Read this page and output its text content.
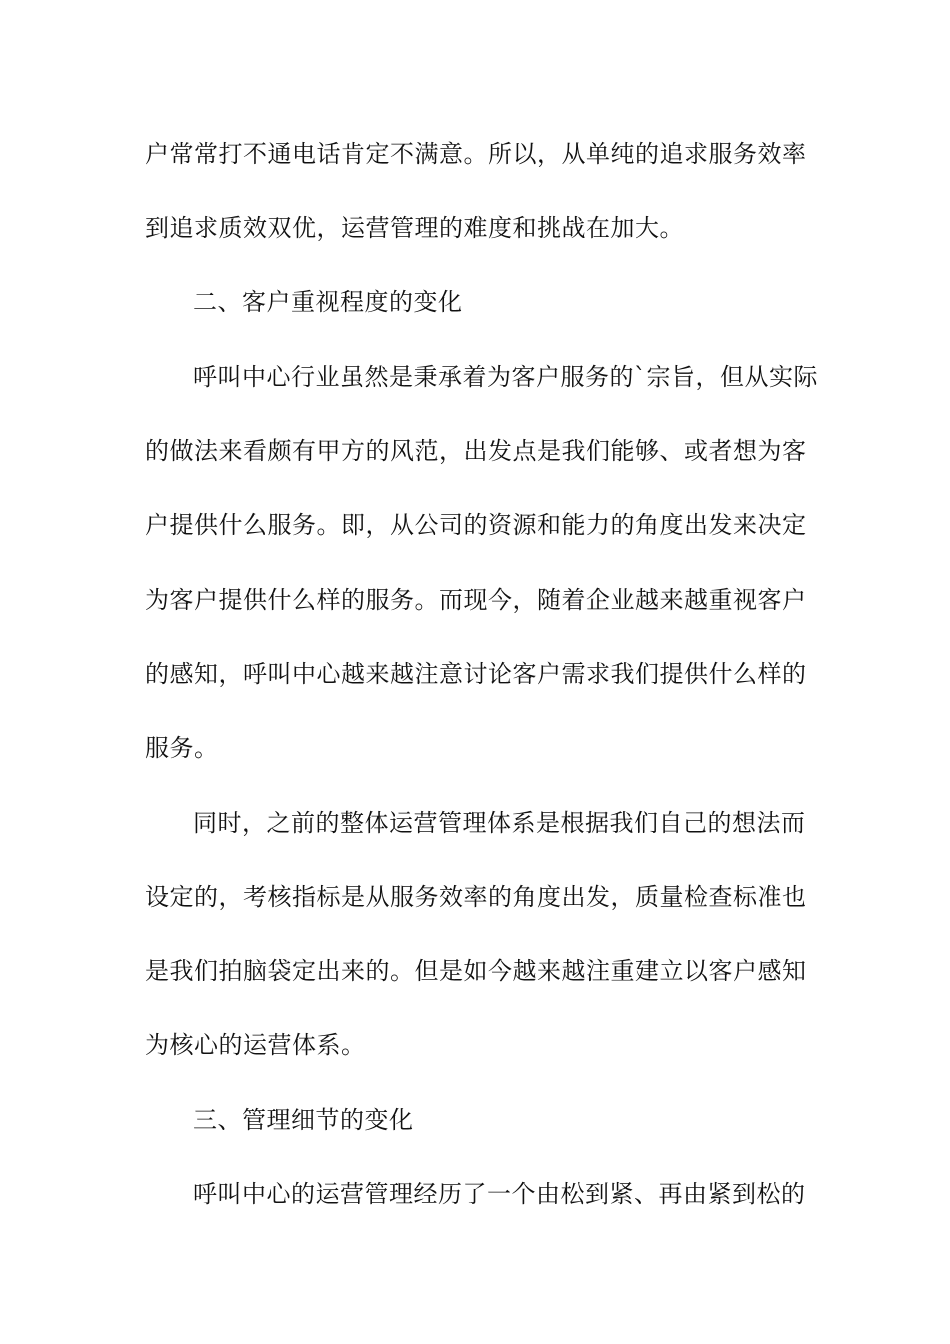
户常常打不通电话肯定不满意。所以，从单纯的追求服务效率
到追求质效双优，运营管理的难度和挑战在加大。
二、客户重视程度的变化
呼叫中心行业虽然是秉承着为客户服务的`宗旨，但从实际
的做法来看颇有甲方的风范，出发点是我们能够、或者想为客
户提供什么服务。即，从公司的资源和能力的角度出发来决定
为客户提供什么样的服务。而现今，随着企业越来越重视客户
的感知，呼叫中心越来越注意讨论客户需求我们提供什么样的
服务。
同时，之前的整体运营管理体系是根据我们自己的想法而
设定的，考核指标是从服务效率的角度出发，质量检查标准也
是我们拍脑袋定出来的。但是如今越来越注重建立以客户感知
为核心的运营体系。
三、管理细节的变化
呼叫中心的运营管理经历了一个由松到紧、再由紧到松的
